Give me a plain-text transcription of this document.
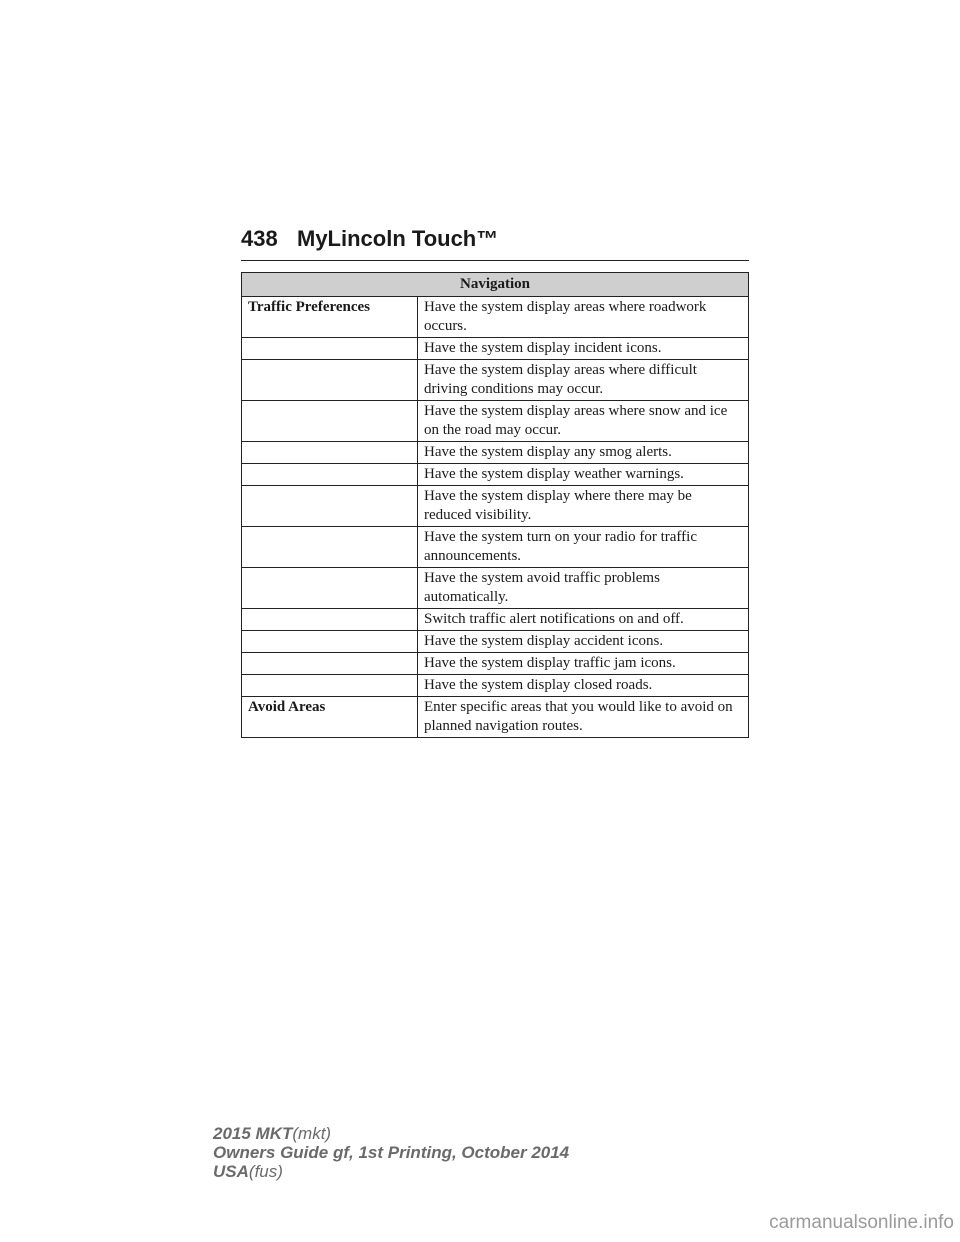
438 MyLincoln Touch™
Navigation	
Traffic Preferences	Have the system display areas where roadwork occurs.
	Have the system display incident icons.
	Have the system display areas where difficult driving conditions may occur.
	Have the system display areas where snow and ice on the road may occur.
	Have the system display any smog alerts.
	Have the system display weather warnings.
	Have the system display where there may be reduced visibility.
	Have the system turn on your radio for traffic announcements.
	Have the system avoid traffic problems automatically.
	Switch traffic alert notifications on and off.
	Have the system display accident icons.
	Have the system display traffic jam icons.
	Have the system display closed roads.
Avoid Areas	Enter specific areas that you would like to avoid on planned navigation routes.
2015 MKT(mkt)
Owners Guide gf, 1st Printing, October 2014
USA(fus)
carmanualsonline.info
